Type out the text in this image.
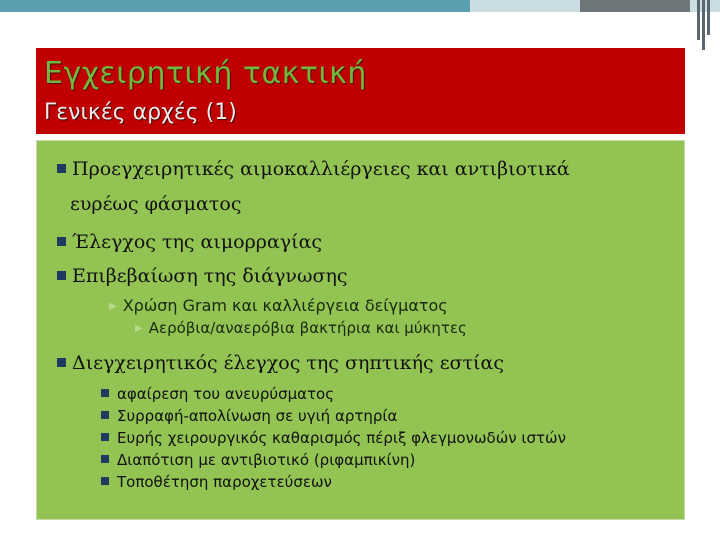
Εγχειρητική τακτική
Γενικές αρχές (1)
Προεγχειρητικές αιμοκαλλιέργειες και αντιβιοτικά
ευρέως φάσματος
Έλεγχος της αιμορραγίας
Επιβεβαίωση της διάγνωσης
▶ Χρώση Gram και καλλιέργεια δείγματος
▶ Αερόβια/αναερόβια βακτήρια και μύκητες
Διεγχειρητικός έλεγχος της σηπτικής εστίας
αφαίρεση του ανευρύσματος
Συρραφή-απολίνωση σε υγιή αρτηρία
Ευρής χειρουργικός καθαρισμός πέριξ φλεγμονωδών ιστών
Διαπότιση με αντιβιοτικό (ριφαμπικίνη)
Τοποθέτηση παροχετεύσεων
